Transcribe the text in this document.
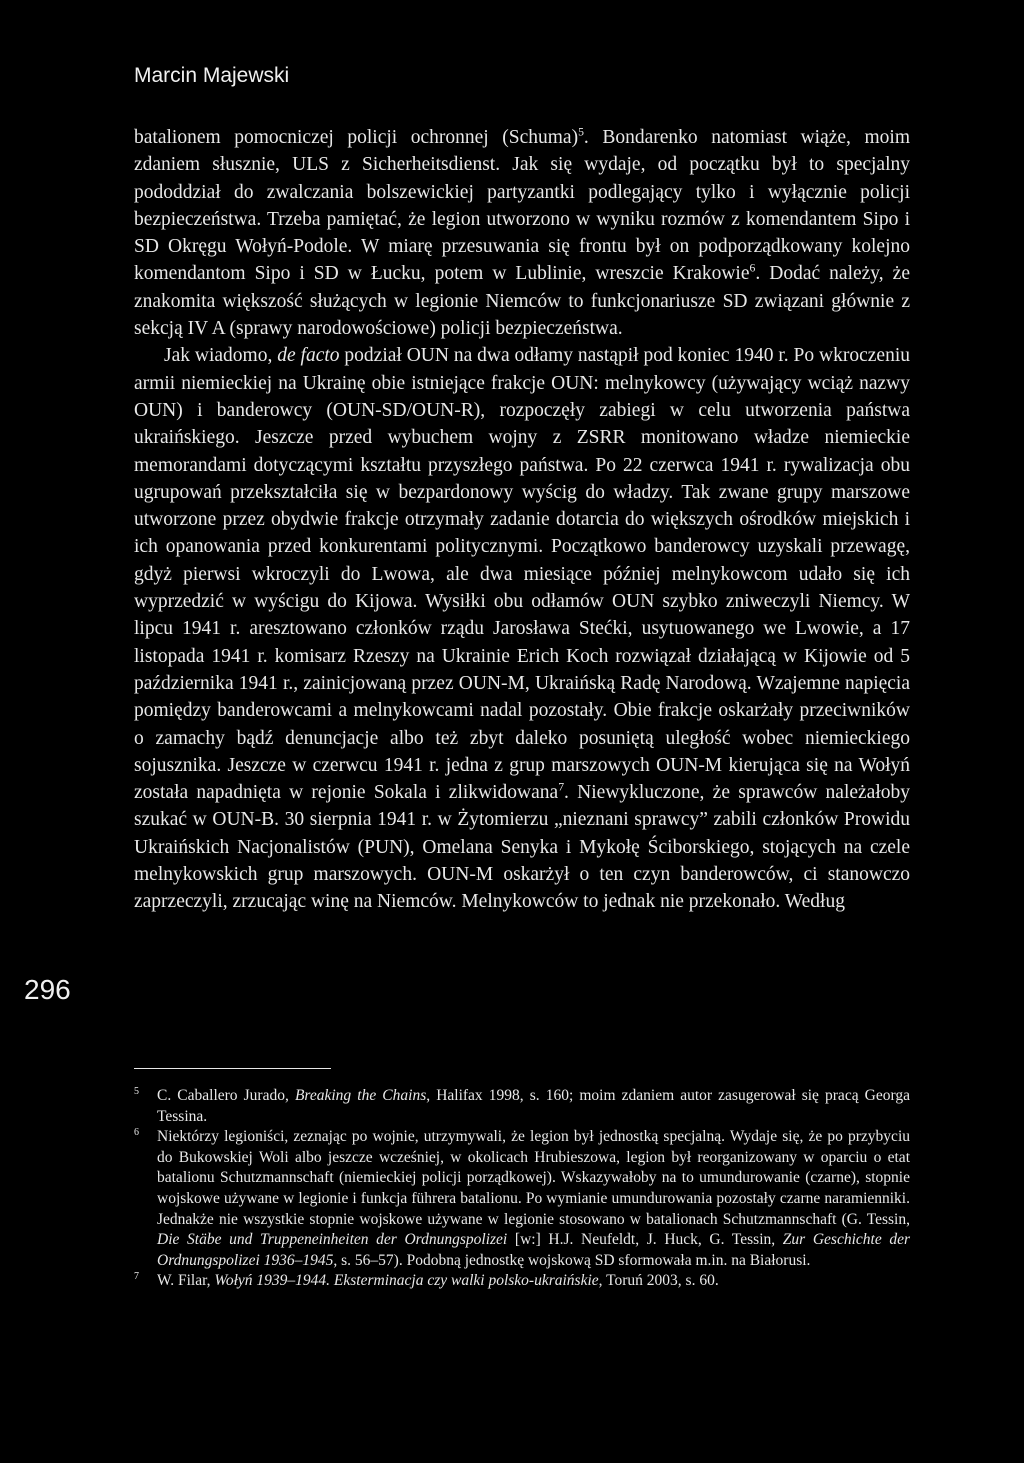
Marcin Majewski
296

batalionem pomocniczej policji ochronnej (Schuma)$^5$. Bondarenko natomiast wiąże, moim zdaniem słusznie, ULS z Sicherheitsdienst. Jak się wydaje, od początku był to specjalny pododdział do zwalczania bolszewickiej partyzantki podlegający tylko i wyłącznie policji bezpieczeństwa. Trzeba pamiętać, że legion utworzono w wyniku rozmów z komendantem Sipo i SD Okręgu Wołyń-Podole. W miarę przesuwania się frontu był on podporządkowany kolejno komendantom Sipo i SD w Łucku, potem w Lublinie, wreszcie Krakowie$^6$. Dodać należy, że znakomita większość służących w legionie Niemców to funkcjonariusze SD związani głównie z sekcją IV A (sprawy narodowościowe) policji bezpieczeństwa.

Jak wiadomo, de facto podział OUN na dwa odłamy nastąpił pod koniec 1940 r. Po wkroczeniu armii niemieckiej na Ukrainę obie istniejące frakcje OUN: melnykowcy (używający wciąż nazwy OUN) i banderowcy (OUN-SD/OUN-R), rozpoczęły zabiegi w celu utworzenia państwa ukraińskiego. Jeszcze przed wybuchem wojny z ZSRR monitowano władze niemieckie memorandami dotyczącymi kształtu przyszłego państwa. Po 22 czerwca 1941 r. rywalizacja obu ugrupowań przekształciła się w bezpardonowy wyścig do władzy. Tak zwane grupy marszowe utworzone przez obydwie frakcje otrzymały zadanie dotarcia do większych ośrodków miejskich i ich opanowania przed konkurentami politycznymi. Początkowo banderowcy uzyskali przewagę, gdyż pierwsi wkroczyli do Lwowa, ale dwa miesiące później melnykowcom udało się ich wyprzedzić w wyścigu do Kijowa. Wysiłki obu odłamów OUN szybko zniweczyli Niemcy. W lipcu 1941 r. aresztowano członków rządu Jarosława Stećki, usytuowanego we Lwowie, a 17 listopada 1941 r. komisarz Rzeszy na Ukrainie Erich Koch rozwiązał działającą w Kijowie od 5 października 1941 r., zainicjowaną przez OUN-M, Ukraińską Radę Narodową. Wzajemne napięcia pomiędzy banderowcami a melnykowcami nadal pozostały. Obie frakcje oskarżały przeciwników o zamachy bądź denuncjacje albo też zbyt daleko posuniętą uległość wobec niemieckiego sojusznika. Jeszcze w czerwcu 1941 r. jedna z grup marszowych OUN-M kierująca się na Wołyń została napadnięta w rejonie Sokala i zlikwidowana$^7$. Niewykluczone, że sprawców należałoby szukać w OUN-B. 30 sierpnia 1941 r. w Żytomierzu „nieznani sprawcy” zabili członków Prowidu Ukraińskich Nacjonalistów (PUN), Omelana Senyka i Mykołę Ściborskiego, stojących na czele melnykowskich grup marszowych. OUN-M oskarżył o ten czyn banderowców, ci stanowczo zaprzeczyli, zrzucając winę na Niemców. Melnykowców to jednak nie przekonało. Według

5 C. Caballero Jurado, Breaking the Chains, Halifax 1998, s. 160; moim zdaniem autor zasugerował się pracą Georga Tessina.
6 Niektórzy legioniści, zeznając po wojnie, utrzymywali, że legion był jednostką specjalną. Wydaje się, że po przybyciu do Bukowskiej Woli albo jeszcze wcześniej, w okolicach Hrubieszowa, legion był reorganizowany w oparciu o etat batalionu Schutzmannschaft (niemieckiej policji porządkowej). Wskazywałoby na to umundurowanie (czarne), stopnie wojskowe używane w legionie i funkcja führera batalionu. Po wymianie umundurowania pozostały czarne naramienniki. Jednakże nie wszystkie stopnie wojskowe używane w legionie stosowano w batalionach Schutzmannschaft (G. Tessin, Die Stäbe und Truppeneinheiten der Ordnungspolizei [w:] H.J. Neufeldt, J. Huck, G. Tessin, Zur Geschichte der Ordnungspolizei 1936–1945, s. 56–57). Podobną jednostkę wojskową SD sformowała m.in. na Białorusi.
7 W. Filar, Wołyń 1939–1944. Eksterminacja czy walki polsko-ukraińskie, Toruń 2003, s. 60.
